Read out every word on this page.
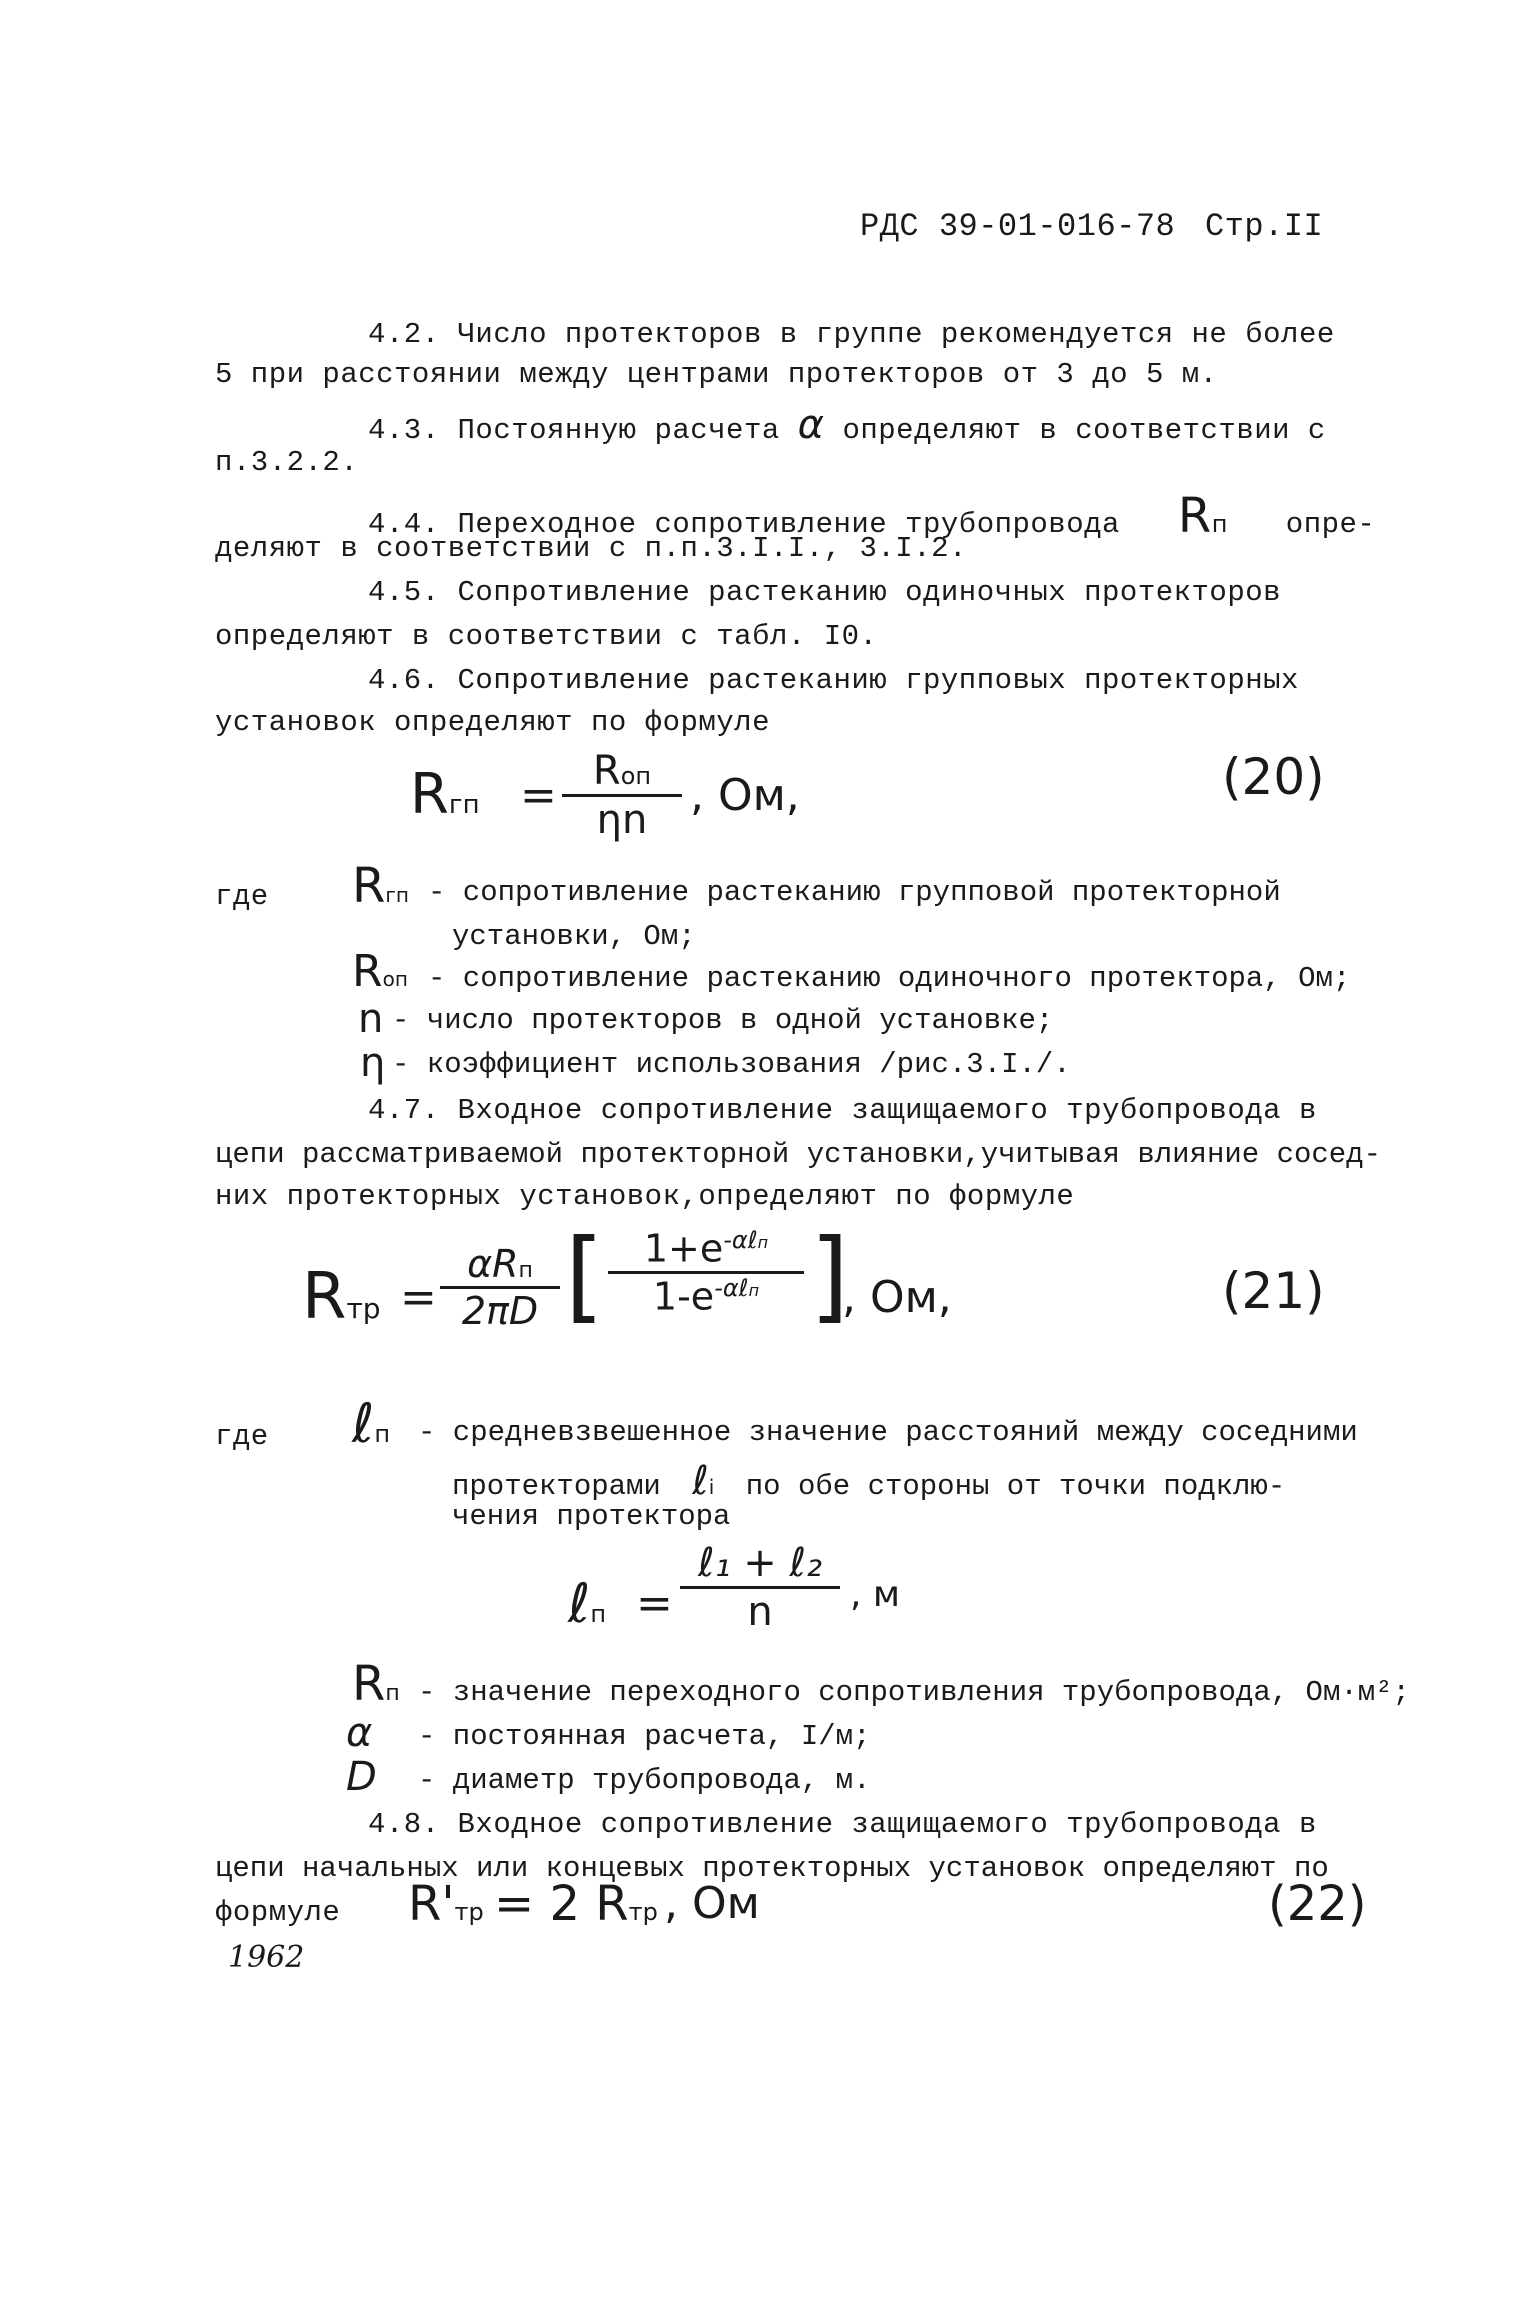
РДС 39-01-016-78 Стр.II
4.2. Число протекторов в группе рекомендуется не более
5 при расстоянии между центрами протекторов от 3 до 5 м.
4.3. Постоянную расчета α определяют в соответствии с
п.3.2.2.
4.4. Переходное сопротивление трубопровода Rп опре-
деляют в соответствии с п.п.3.I.I., 3.I.2.
4.5. Сопротивление растеканию одиночных протекторов
определяют в соответствии с табл. I0.
4.6. Сопротивление растеканию групповых протекторных
установок определяют по формуле
Rгп = Rоп
ηn , Ом,	(20)
где Rгп - сопротивление растеканию групповой протекторной
установки, Ом;
Rоп - сопротивление растеканию одиночного протектора, Ом;
n - число протекторов в одной установке;
η - коэффициент использования /рис.3.I./.
4.7. Входное сопротивление защищаемого трубопровода в
цепи рассматриваемой протекторной установки,учитывая влияние сосед-
них протекторных установок,определяют по формуле
Rтр =
αRп
2πD [	$1+e^{-\alpha\ell п}$
$1-e^{-\alpha\ell п}$ ]
, Ом,	(21)
где ℓп - средневзвешенное значение расстояний между соседними
протекторами ℓi по обе стороны от точки подклю-
чения протектора
ℓп =
ℓ₁ + ℓ₂
n	, м
Rп - значение переходного сопротивления трубопровода, Ом·м²;
α - постоянная расчета, I/м;
D - диаметр трубопровода, м.
4.8. Входное сопротивление защищаемого трубопровода в
цепи начальных или концевых протекторных установок определяют по
формуле R'тр = 2 Rтр , Ом	(22)
1962
